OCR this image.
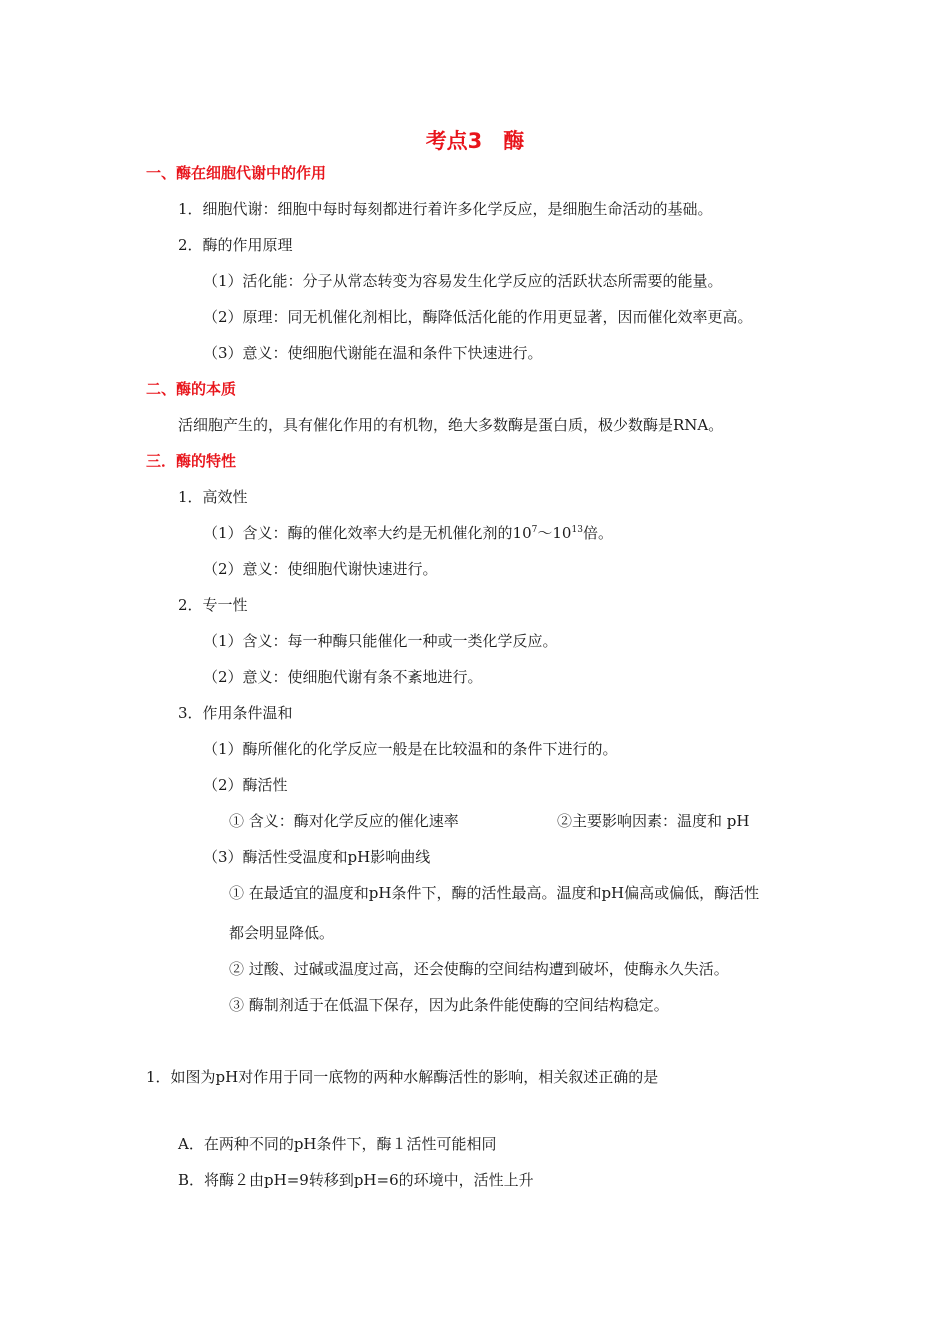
考点3　酶
一、酶在细胞代谢中的作用
1．细胞代谢：细胞中每时每刻都进行着许多化学反应，是细胞生命活动的基础。
2．酶的作用原理
（1）活化能：分子从常态转变为容易发生化学反应的活跃状态所需要的能量。
（2）原理：同无机催化剂相比，酶降低活化能的作用更显著，因而催化效率更高。
（3）意义：使细胞代谢能在温和条件下快速进行。
二、酶的本质
活细胞产生的，具有催化作用的有机物，绝大多数酶是蛋白质，极少数酶是RNA。
三．酶的特性
1．高效性
（1）含义：酶的催化效率大约是无机催化剂的$10^7\sim 10^{13}$倍。
（2）意义：使细胞代谢快速进行。
2．专一性
（1）含义：每一种酶只能催化一种或一类化学反应。
（2）意义：使细胞代谢有条不紊地进行。
3．作用条件温和
（1）酶所催化的化学反应一般是在比较温和的条件下进行的。
（2）酶活性
① 含义：酶对化学反应的催化速率	②主要影响因素：温度和 pH
（3）酶活性受温度和pH影响曲线
① 在最适宜的温度和pH条件下，酶的活性最高。温度和pH偏高或偏低，酶活性
都会明显降低。
② 过酸、过碱或温度过高，还会使酶的空间结构遭到破坏，使酶永久失活。
③ 酶制剂适于在低温下保存，因为此条件能使酶的空间结构稳定。
1．如图为pH对作用于同一底物的两种水解酶活性的影响，相关叙述正确的是
A．在两种不同的pH条件下，酶１活性可能相同
B．将酶２由pH=9转移到pH=6的环境中，活性上升
